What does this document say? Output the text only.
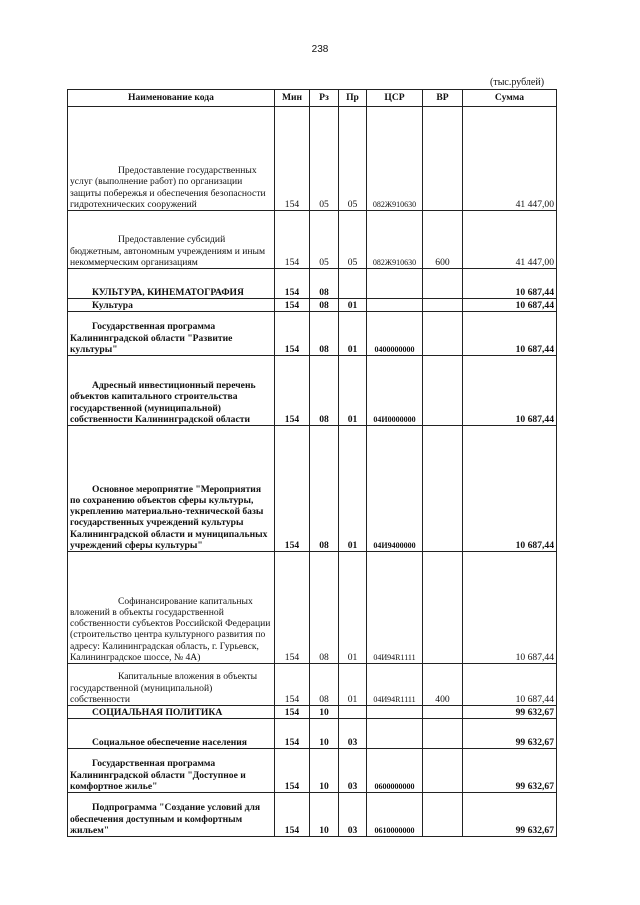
238
(тыс.рублей)
Наименование кода	Мин	Рз	Пр	ЦСР	ВР	Сумма
Предоставление государственных услуг (выполнение работ) по организации защиты побережья и обеспечения безопасности гидротехнических сооружений	154	05	05	082Ж910630		41 447,00
Предоставление субсидий бюджетным, автономным учреждениям и иным некоммерческим организациям	154	05	05	082Ж910630	600	41 447,00
КУЛЬТУРА, КИНЕМАТОГРАФИЯ	154	08				10 687,44
Культура	154	08	01			10 687,44
Государственная программа Калининградской области "Развитие культуры"	154	08	01	0400000000		10 687,44
Адресный инвестиционный перечень объектов капитального строительства государственной (муниципальной) собственности Калининградской области	154	08	01	04И0000000		10 687,44
Основное мероприятие "Мероприятия по сохранению объектов сферы культуры, укреплению материально-технической базы государственных учреждений культуры Калининградской области и муниципальных учреждений сферы культуры"	154	08	01	04И9400000		10 687,44
Софинансирование капитальных вложений в объекты государственной собственности субъектов Российской Федерации (строительство центра культурного развития по адресу: Калининградская область, г. Гурьевск, Калининградское шоссе, № 4А)	154	08	01	04И94R1111		10 687,44
Капитальные вложения в объекты государственной (муниципальной) собственности	154	08	01	04И94R1111	400	10 687,44
СОЦИАЛЬНАЯ ПОЛИТИКА	154	10				99 632,67
Социальное обеспечение населения	154	10	03			99 632,67
Государственная программа Калининградской области "Доступное и комфортное жилье"	154	10	03	0600000000		99 632,67
Подпрограмма "Создание условий для обеспечения доступным и комфортным жильем"	154	10	03	0610000000		99 632,67
